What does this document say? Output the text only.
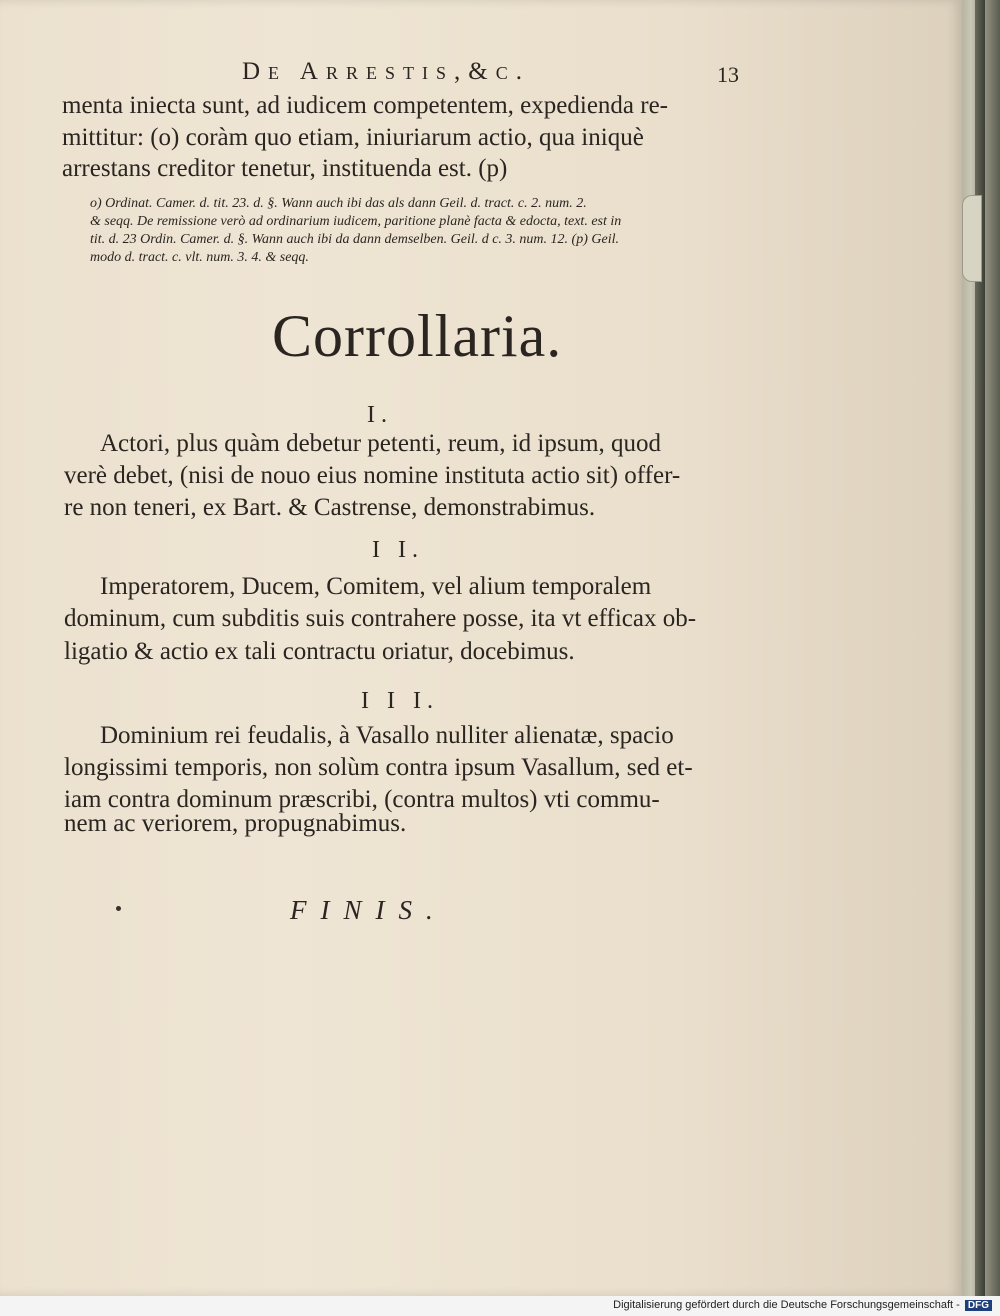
De Arrestis,&c.	13
menta iniecta sunt, ad iudicem competentem, expedienda re-
mittitur: (o) coràm quo etiam, iniuriarum actio, qua iniquè
arrestans creditor tenetur, instituenda est. (p)
o) Ordinat. Camer. d. tit. 23. d. §. Wann auch ibi das als dann Geil. d. tract. c. 2. num. 2.
& seqq. De remissione verò ad ordinarium iudicem, paritione planè facta & edocta, text. est in
tit. d. 23 Ordin. Camer. d. §. Wann auch ibi da dann demselben. Geil. d c. 3. num. 12. (p) Geil.
modo d. tract. c. vlt. num. 3. 4. & seqq.
Corrollaria.
I.
Actori, plus quàm debetur petenti, reum, id ipsum, quod
verè debet, (nisi de nouo eius nomine instituta actio sit) offer-
re non teneri, ex Bart. & Castrense, demonstrabimus.
I I.
Imperatorem, Ducem, Comitem, vel alium temporalem
dominum, cum subditis suis contrahere posse, ita vt efficax ob-
ligatio & actio ex tali contractu oriatur, docebimus.
I I I.
Dominium rei feudalis, à Vasallo nulliter alienatæ, spacio
longissimi temporis, non solùm contra ipsum Vasallum, sed et-
iam contra dominum præscribi, (contra multos) vti commu-
nem ac veriorem, propugnabimus.
FINIS.
Digitalisierung gefördert durch die Deutsche Forschungsgemeinschaft - DFG
